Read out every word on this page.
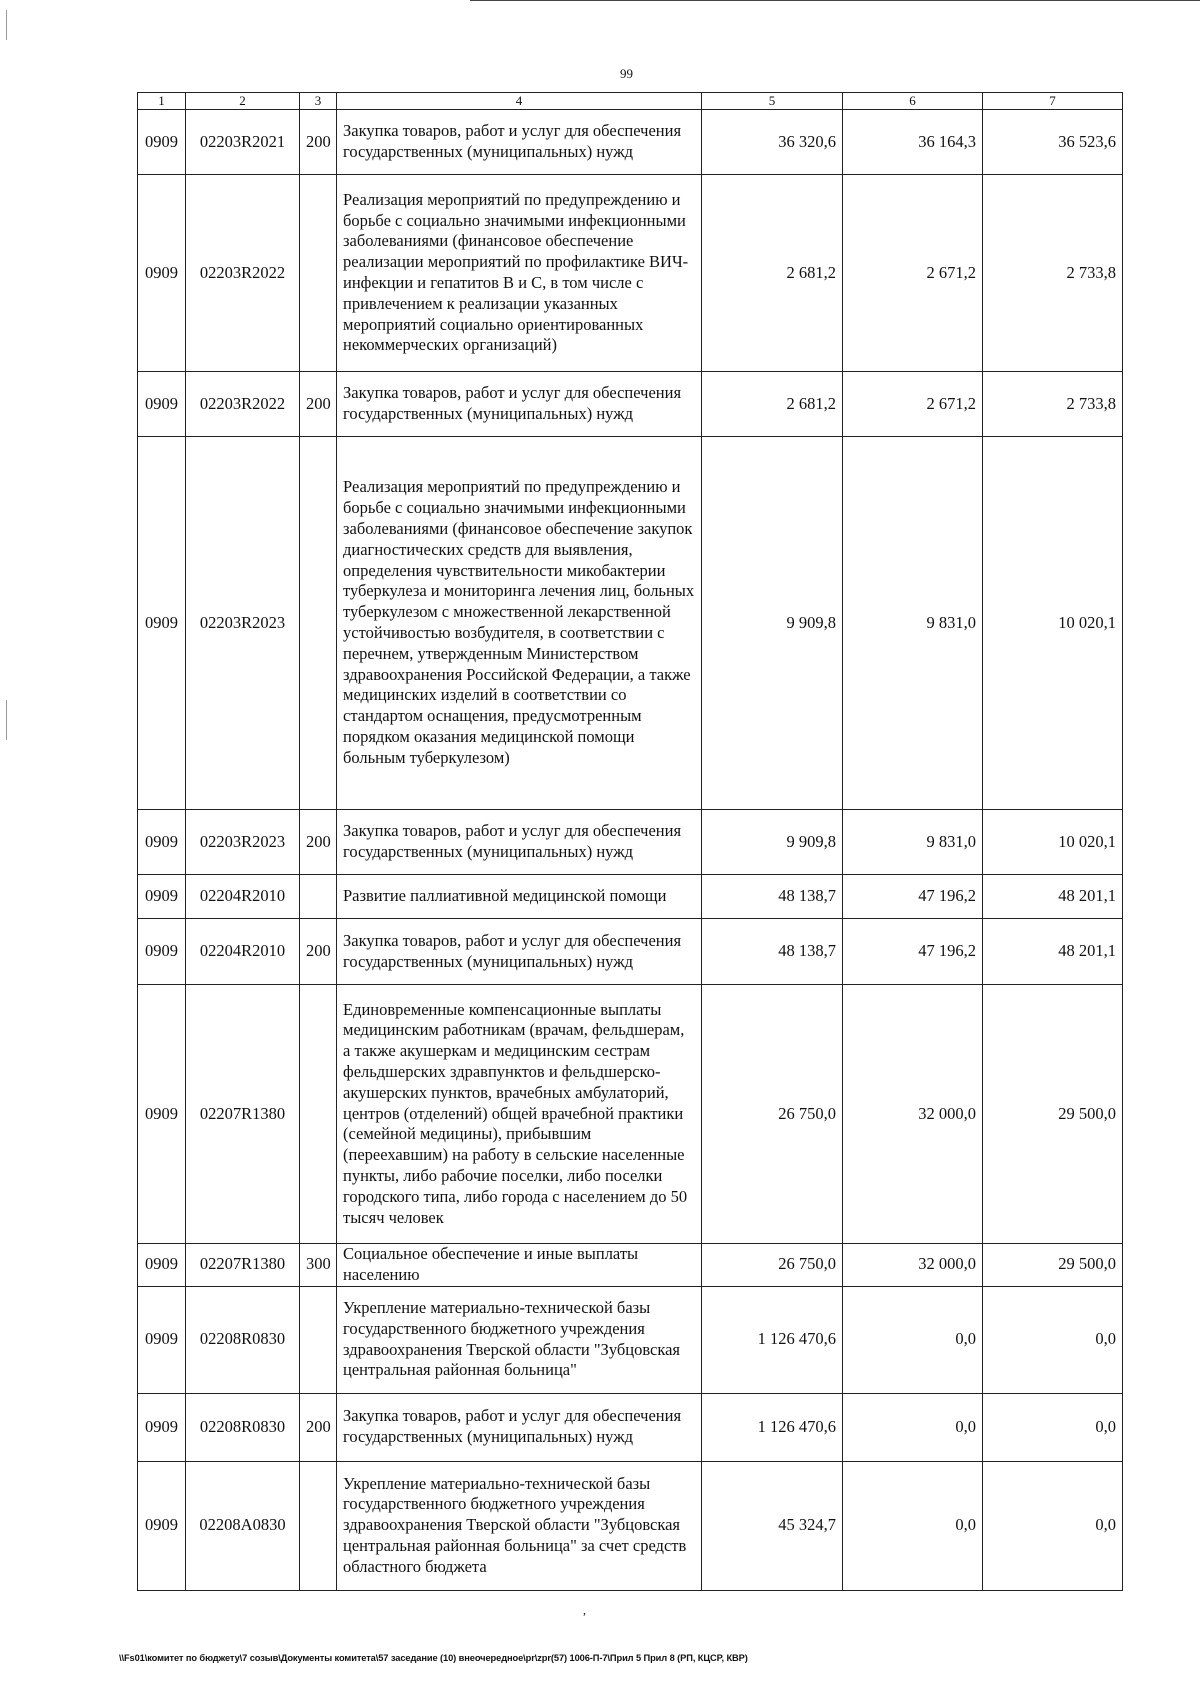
99
1	2	3	4	5	6	7
0909	02203R2021	200	Закупка товаров, работ и услуг для обеспечения государственных (муниципальных) нужд	36 320,6	36 164,3	36 523,6
0909	02203R2022		Реализация мероприятий по предупреждению и борьбе с социально значимыми инфекционными заболеваниями (финансовое обеспечение реализации мероприятий по профилактике ВИЧ-инфекции и гепатитов В и С, в том числе с привлечением к реализации указанных мероприятий социально ориентированных некоммерческих организаций)	2 681,2	2 671,2	2 733,8
0909	02203R2022	200	Закупка товаров, работ и услуг для обеспечения государственных (муниципальных) нужд	2 681,2	2 671,2	2 733,8
0909	02203R2023		Реализация мероприятий по предупреждению и борьбе с социально значимыми инфекционными заболеваниями (финансовое обеспечение закупок диагностических средств для выявления, определения чувствительности микобактерии туберкулеза и мониторинга лечения лиц, больных туберкулезом с множественной лекарственной устойчивостью возбудителя, в соответствии с перечнем, утвержденным Министерством здравоохранения Российской Федерации, а также медицинских изделий в соответствии со стандартом оснащения, предусмотренным порядком оказания медицинской помощи больным туберкулезом)	9 909,8	9 831,0	10 020,1
0909	02203R2023	200	Закупка товаров, работ и услуг для обеспечения государственных (муниципальных) нужд	9 909,8	9 831,0	10 020,1
0909	02204R2010		Развитие паллиативной медицинской помощи	48 138,7	47 196,2	48 201,1
0909	02204R2010	200	Закупка товаров, работ и услуг для обеспечения государственных (муниципальных) нужд	48 138,7	47 196,2	48 201,1
0909	02207R1380		Единовременные компенсационные выплаты медицинским работникам (врачам, фельдшерам, а также акушеркам и медицинским сестрам фельдшерских здравпунктов и фельдшерско-акушерских пунктов, врачебных амбулаторий, центров (отделений) общей врачебной практики (семейной медицины), прибывшим (переехавшим) на работу в сельские населенные пункты, либо рабочие поселки, либо поселки городского типа, либо города с населением до 50 тысяч человек	26 750,0	32 000,0	29 500,0
0909	02207R1380	300	Социальное обеспечение и иные выплаты населению	26 750,0	32 000,0	29 500,0
0909	02208R0830		Укрепление материально-технической базы государственного бюджетного учреждения здравоохранения Тверской области "Зубцовская центральная районная больница"	1 126 470,6	0,0	0,0
0909	02208R0830	200	Закупка товаров, работ и услуг для обеспечения государственных (муниципальных) нужд	1 126 470,6	0,0	0,0
0909	02208A0830		Укрепление материально-технической базы государственного бюджетного учреждения здравоохранения Тверской области "Зубцовская центральная районная больница" за счет средств областного бюджета	45 324,7	0,0	0,0
,
\\Fs01\комитет по бюджету\7 созыв\Документы комитета\57 заседание (10) внеочередное\pr\zpr(57) 1006-П-7\Прил 5 Прил 8 (РП, КЦСР, КВР)
